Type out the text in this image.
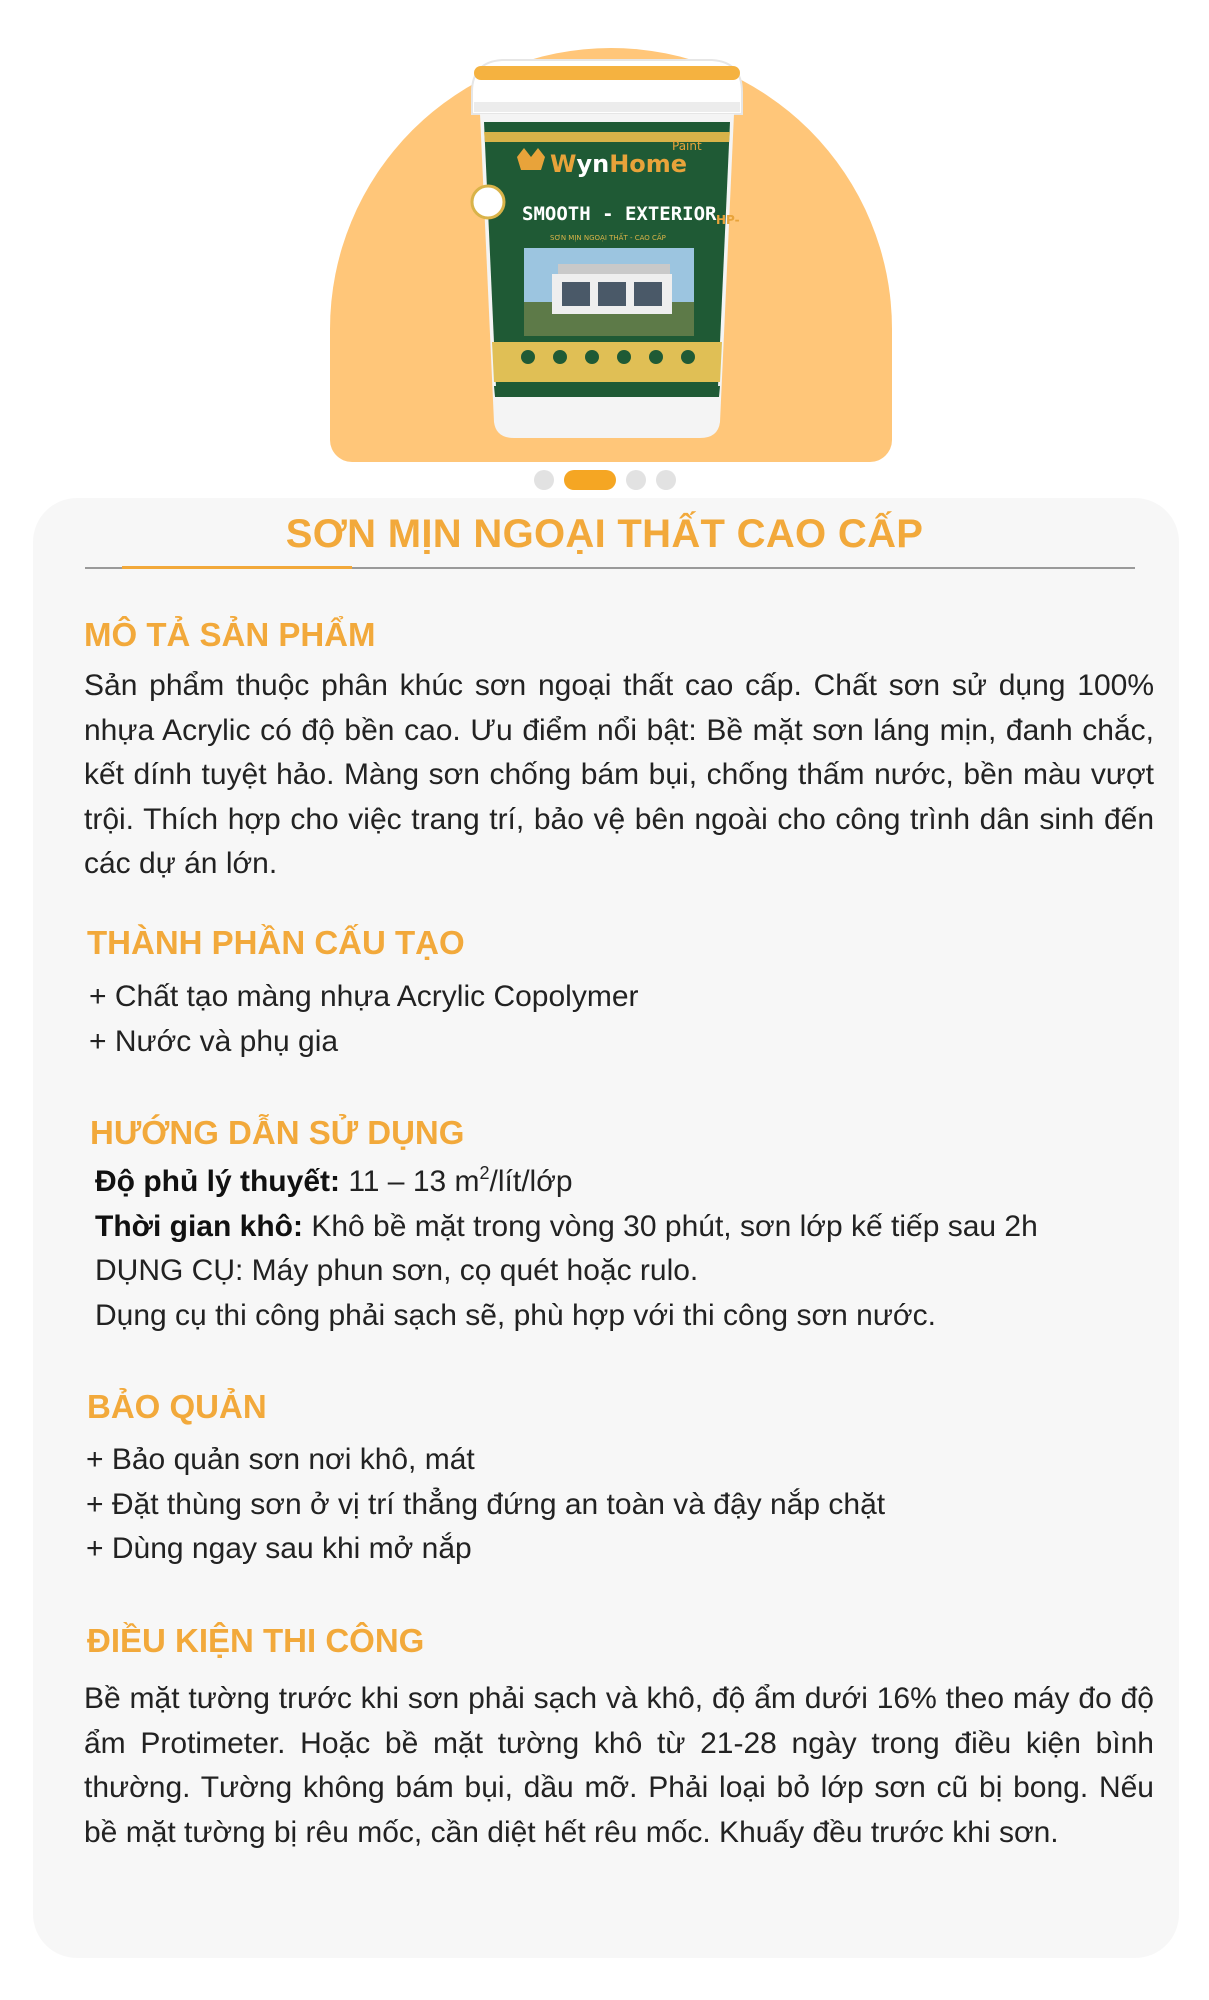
WynHome
Paint
SMOOTH - EXTERIOR HP-
SƠN MỊN NGOẠI THẤT - CAO CẤP
SƠN MỊN NGOẠI THẤT CAO CẤP
MÔ TẢ SẢN PHẨM
Sản phẩm thuộc phân khúc sơn ngoại thất cao cấp. Chất sơn sử dụng 100% nhựa Acrylic có độ bền cao. Ưu điểm nổi bật: Bề mặt sơn láng mịn, đanh chắc, kết dính tuyệt hảo. Màng sơn chống bám bụi, chống thấm nước, bền màu vượt trội. Thích hợp cho việc trang trí, bảo vệ bên ngoài cho công trình dân sinh đến các dự án lớn.
THÀNH PHẦN CẤU TẠO
+ Chất tạo màng nhựa Acrylic Copolymer
+ Nước và phụ gia
HƯỚNG DẪN SỬ DỤNG
Độ phủ lý thuyết: 11 – 13 $m^2/lít$/lớp
Thời gian khô: Khô bề mặt trong vòng 30 phút, sơn lớp kế tiếp sau 2h
DỤNG CỤ: Máy phun sơn, cọ quét hoặc rulo.
Dụng cụ thi công phải sạch sẽ, phù hợp với thi công sơn nước.
BẢO QUẢN
+ Bảo quản sơn nơi khô, mát
+ Đặt thùng sơn ở vị trí thẳng đứng an toàn và đậy nắp chặt
+ Dùng ngay sau khi mở nắp
ĐIỀU KIỆN THI CÔNG
Bề mặt tường trước khi sơn phải sạch và khô, độ ẩm dưới 16% theo máy đo độ ẩm Protimeter. Hoặc bề mặt tường khô từ 21-28 ngày trong điều kiện bình thường. Tường không bám bụi, dầu mỡ. Phải loại bỏ lớp sơn cũ bị bong. Nếu bề mặt tường bị rêu mốc, cần diệt hết rêu mốc. Khuấy đều trước khi sơn.
